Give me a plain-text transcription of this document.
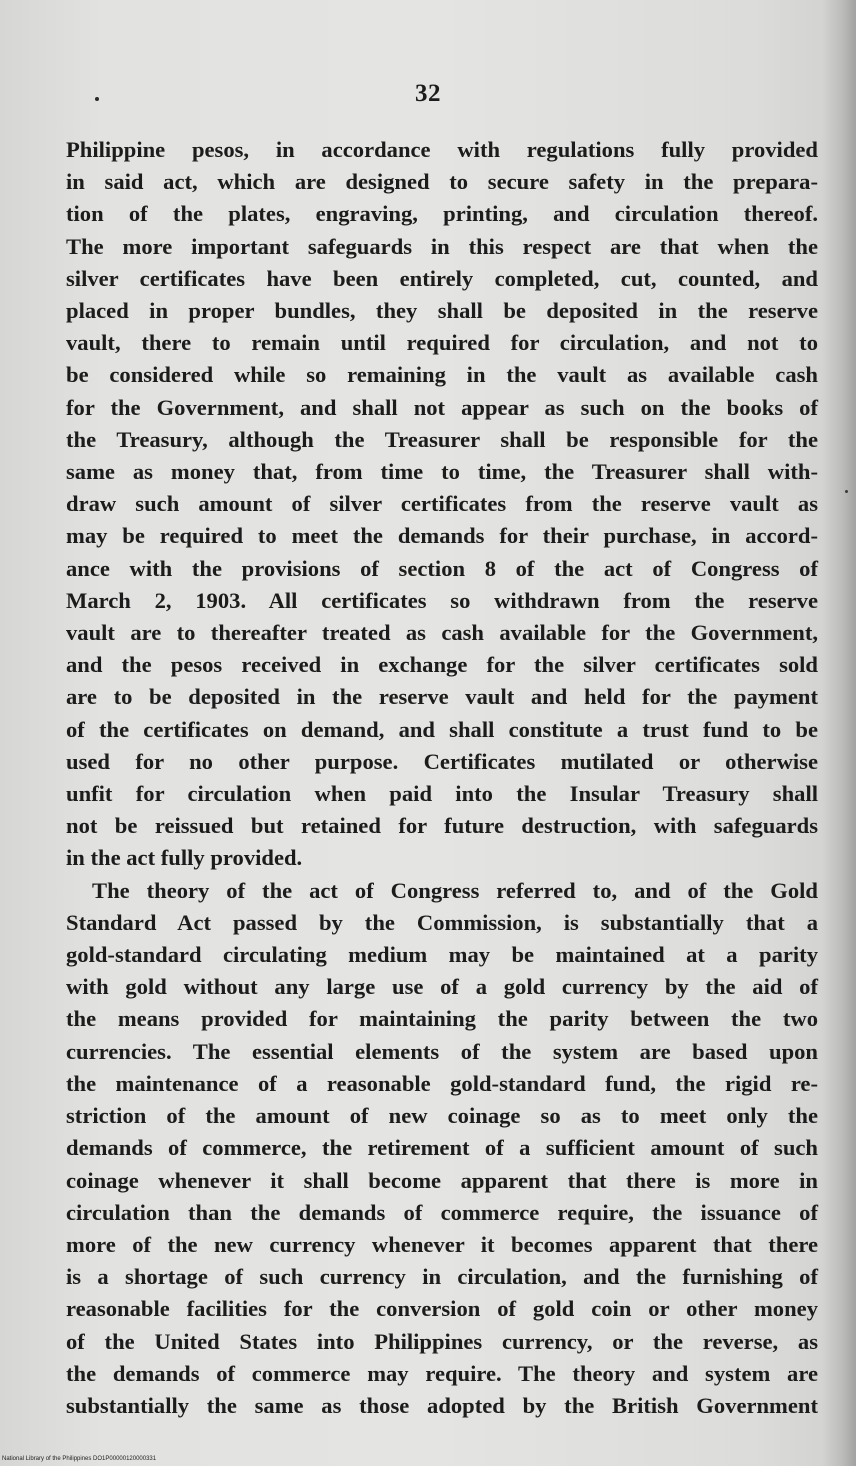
32
Philippine pesos, in accordance with regulations fully provided
in said act, which are designed to secure safety in the prepara-
tion of the plates, engraving, printing, and circulation thereof.
The more important safeguards in this respect are that when the
silver certificates have been entirely completed, cut, counted, and
placed in proper bundles, they shall be deposited in the reserve
vault, there to remain until required for circulation, and not to
be considered while so remaining in the vault as available cash
for the Government, and shall not appear as such on the books of
the Treasury, although the Treasurer shall be responsible for the
same as money that, from time to time, the Treasurer shall with-
draw such amount of silver certificates from the reserve vault as
may be required to meet the demands for their purchase, in accord-
ance with the provisions of section 8 of the act of Congress of
March 2, 1903. All certificates so withdrawn from the reserve
vault are to thereafter treated as cash available for the Government,
and the pesos received in exchange for the silver certificates sold
are to be deposited in the reserve vault and held for the payment
of the certificates on demand, and shall constitute a trust fund to be
used for no other purpose. Certificates mutilated or otherwise
unfit for circulation when paid into the Insular Treasury shall
not be reissued but retained for future destruction, with safeguards
in the act fully provided.
The theory of the act of Congress referred to, and of the Gold
Standard Act passed by the Commission, is substantially that a
gold-standard circulating medium may be maintained at a parity
with gold without any large use of a gold currency by the aid of
the means provided for maintaining the parity between the two
currencies. The essential elements of the system are based upon
the maintenance of a reasonable gold-standard fund, the rigid re-
striction of the amount of new coinage so as to meet only the
demands of commerce, the retirement of a sufficient amount of such
coinage whenever it shall become apparent that there is more in
circulation than the demands of commerce require, the issuance of
more of the new currency whenever it becomes apparent that there
is a shortage of such currency in circulation, and the furnishing of
reasonable facilities for the conversion of gold coin or other money
of the United States into Philippines currency, or the reverse, as
the demands of commerce may require. The theory and system are
substantially the same as those adopted by the British Government
National Library of the Philippines DO1P00000120000331
